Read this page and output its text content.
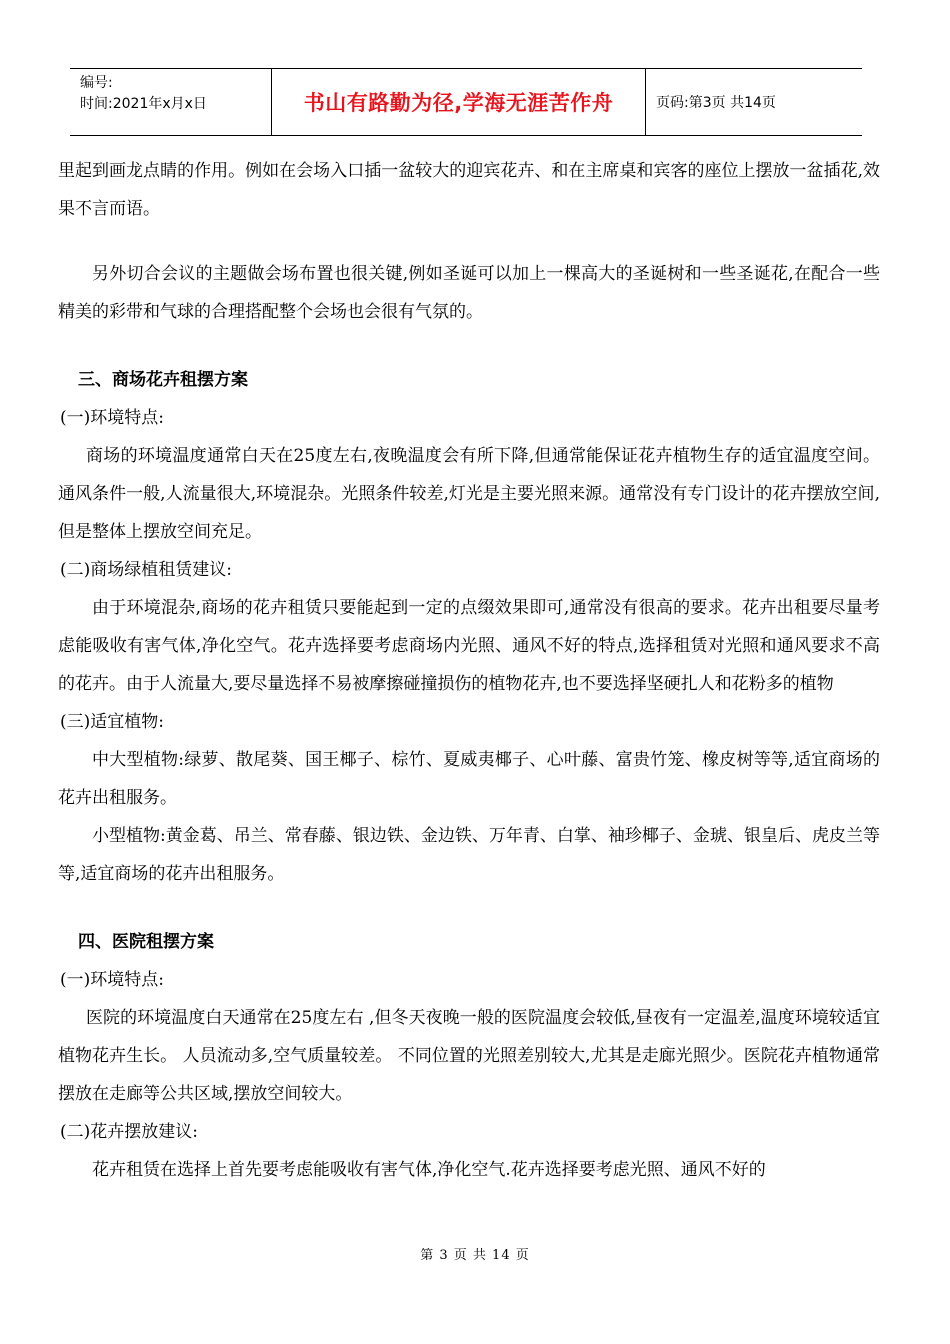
编号:
时间:2021年x月x日	书山有路勤为径,学海无涯苦作舟	页码:第3页 共14页

里起到画龙点睛的作用。例如在会场入口插一盆较大的迎宾花卉、和在主席桌和宾客的座位上摆放一盆插花,效果不言而语。

另外切合会议的主题做会场布置也很关键,例如圣诞可以加上一棵高大的圣诞树和一些圣诞花,在配合一些精美的彩带和气球的合理搭配整个会场也会很有气氛的。

三、商场花卉租摆方案

(一)环境特点:

商场的环境温度通常白天在25度左右,夜晚温度会有所下降,但通常能保证花卉植物生存的适宜温度空间。通风条件一般,人流量很大,环境混杂。光照条件较差,灯光是主要光照来源。通常没有专门设计的花卉摆放空间,但是整体上摆放空间充足。

(二)商场绿植租赁建议:

由于环境混杂,商场的花卉租赁只要能起到一定的点缀效果即可,通常没有很高的要求。花卉出租要尽量考虑能吸收有害气体,净化空气。花卉选择要考虑商场内光照、通风不好的特点,选择租赁对光照和通风要求不高的花卉。由于人流量大,要尽量选择不易被摩擦碰撞损伤的植物花卉,也不要选择坚硬扎人和花粉多的植物

(三)适宜植物:

中大型植物:绿萝、散尾葵、国王椰子、棕竹、夏威夷椰子、心叶藤、富贵竹笼、橡皮树等等,适宜商场的花卉出租服务。

小型植物:黄金葛、吊兰、常春藤、银边铁、金边铁、万年青、白掌、袖珍椰子、金琥、银皇后、虎皮兰等等,适宜商场的花卉出租服务。

四、医院租摆方案

(一)环境特点:

医院的环境温度白天通常在25度左右 ,但冬天夜晚一般的医院温度会较低,昼夜有一定温差,温度环境较适宜植物花卉生长。 人员流动多,空气质量较差。 不同位置的光照差别较大,尤其是走廊光照少。医院花卉植物通常摆放在走廊等公共区域,摆放空间较大。

(二)花卉摆放建议:

花卉租赁在选择上首先要考虑能吸收有害气体,净化空气.花卉选择要考虑光照、通风不好的

第 3 页 共 14 页
